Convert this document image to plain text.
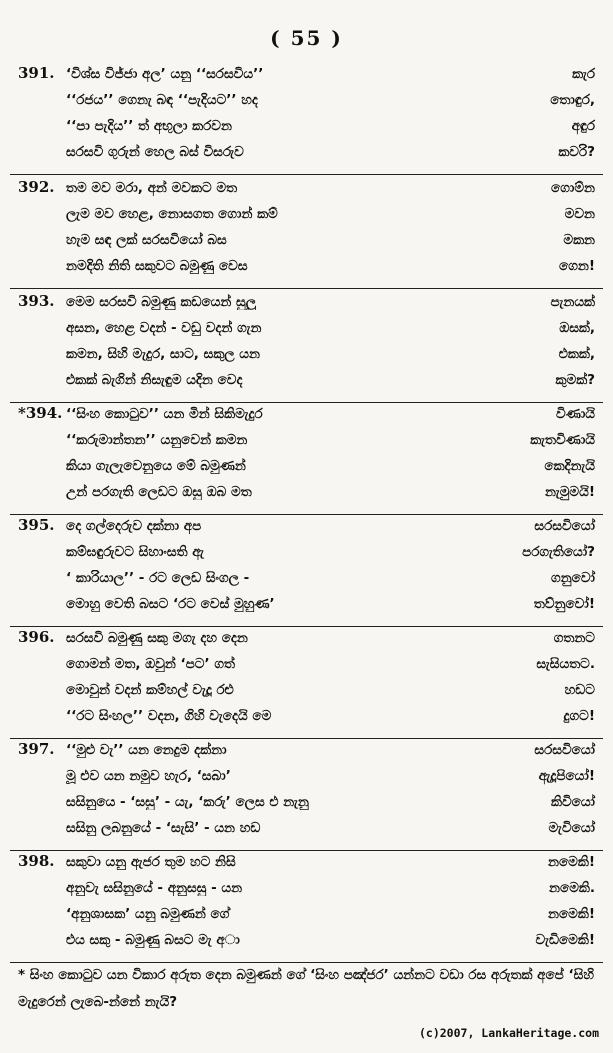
( 55 )
391. ‘විශ්ස විජ්ජා අල’ යනු ‘‘සරසවිය’’	කැර
‘‘රජය’’ ගෙනැ බඳ ‘‘පැදියට’’ හද	තොඳුර,
‘‘පා පැදිය’’ ත් අභුලා කරවන	අඳුර
සරසවි ගුරුන් හෙල බස් විසරුව	කවරි?
392. තම මව මරා, අන් මවකට මත	ගොම්න
ලැම මව හෙළ, නොසගත ගොන් කම්	මවන
හැම සඳ ලක් සරසවියෝ බස	මකන
නමදිති නිති සකුවට බමුණු වෙස	ගෙන!
393. මෙම සරසවි බමුණු කඩයෙන් සුලු	පැනයක්
අසන, හෙළ වදන් - වඩු වදන් ගැන	ඔසක්,
කමන, සිහි මැදුර, සාට, සකුල යන	එකක්,
එකක් බැගින් නිසැඳුම යදින වෙද	කුමක්?
*394. ‘‘සිංහ කොටුව’’ යන මින් සිකිමැදුර	විණායි
‘‘කරුමාන්තන’’ යනුවෙන් කමන	කැතවිණායි
කියා ගැලැවෙනුයෙ මේ බමුණන්	කෙදිනැයි
උන් පරගැති ලෙඩට ඔසු ඔබ මත	නැමුමයි!
395. දෙ ගල්දෙරුව දක්නා අප	සරසවියෝ
කම්ඝඳුරුවට සිහාංසති ඇ	පරගැතියෝ?
‘ කාරියාල’’ - රට ලෙඩ සිංගල -	ගනුවෝ
මොහු වෙති බසට ‘රට වෙස් මුහුණ’	තව්නුවෝ!
396. සරසවි බමුණු සකු මගැ දහ දෙන	ගතනට
ගොමන් මත, ඔවුන් ‘පට’ ගත්	සැසියතට.
මොවුන් වදන් කම්හල් වැදූ රළු	හඩට
‘‘රට සිංහල’’ වදන, ගිහි වැදෙයි මෙ	දුගට!
397. ‘‘මුළු වැ’’ යන නෙදුම දක්නා	සරසවියෝ
මූ එව යන නමුව හැර, ‘සබා’	ඇදූපියෝ!
සසිනුයෙ - ‘සසු’ - යැ, ‘කරු’ ලෙස එ නැනු	කිවියෝ
සසිනු ලබනුයේ - ‘සැසි’ - යන හඩ	මැවියෝ
398. සකුවා යනු ඇජර තුම හට නිසි	නමෙකි!
අනුවැ සසිනුයේ - අනුසසු - යන	නමෙකි.
‘අනුශාසක’ යනු බමුණන් ගේ	නමෙකි!
එය සකු - බමුණු බසට මැ අා	වැඩිමෙකි!
* සිංහ කොටුව යන විකාර අරුත දෙන බමුණන් ගේ ‘සිංහ පඤ්ජර’ යන්නට වඩා රස අරුතක් අපේ ‘සිහි මැදුරෙන් ලැබෙ-න්නේ නැයි?
(c)2007, LankaHeritage.com
